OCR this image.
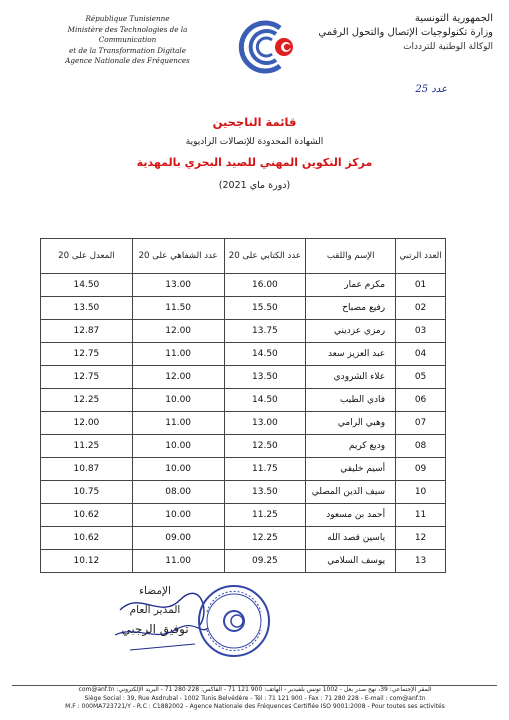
République Tunisienne
Ministère des Technologies de la Communication
et de la Transformation Digitale
Agence Nationale des Fréquences
الجمهورية التونسية
وزارة تكنولوجيات الإتصال والتحول الرقمي
الوكالة الوطنية للترددات
عدد 25
قائمة الناجحين
الشهادة المحدودة للإتصالات الراديوية
مركز التكوين المهني للصيد البحري بالمهدية
(دورة ماي 2021)
العدد الرتبي	الإسم واللقب	عدد الكتابي على 20	عدد الشفاهي على 20	المعدل على 20
01	مكرم عمار	16.00	13.00	14.50
02	رفيع مصباح	15.50	11.50	13.50
03	رمزي عزديني	13.75	12.00	12.87
04	عبد العزيز سعد	14.50	11.00	12.75
05	علاء الشرودي	13.50	12.00	12.75
06	فادي الطيب	14.50	10.00	12.25
07	وهبي الرامي	13.00	11.00	12.00
08	وديع كريم	12.50	10.00	11.25
09	أسيم خليفي	11.75	10.00	10.87
10	سيف الدين المصلي	13.50	08.00	10.75
11	أحمد بن مسعود	11.25	10.00	10.62
12	ياسين قصد الله	12.25	09.00	10.62
13	يوسف السلامي	09.25	11.00	10.12
الإمضاء
المدير العام
توفيق الرجبي
المقر الإجتماعي: 39، نهج صدر بعل - 1002 تونس بلفيدير - الهاتف: 900 121 71 - الفاكس: 228 280 71 - البريد الإلكتروني: com@anf.tn
Siège Social : 39, Rue Asdrubal - 1002 Tunis Belvédère - Tél : 71 121 900 - Fax : 71 280 228 - E-mail : com@anf.tn
M.F : 000MA723721/Y - R.C : C1882002 - Agence Nationale des Fréquences Certifiée ISO 9001:2008 - Pour toutes ses activités
